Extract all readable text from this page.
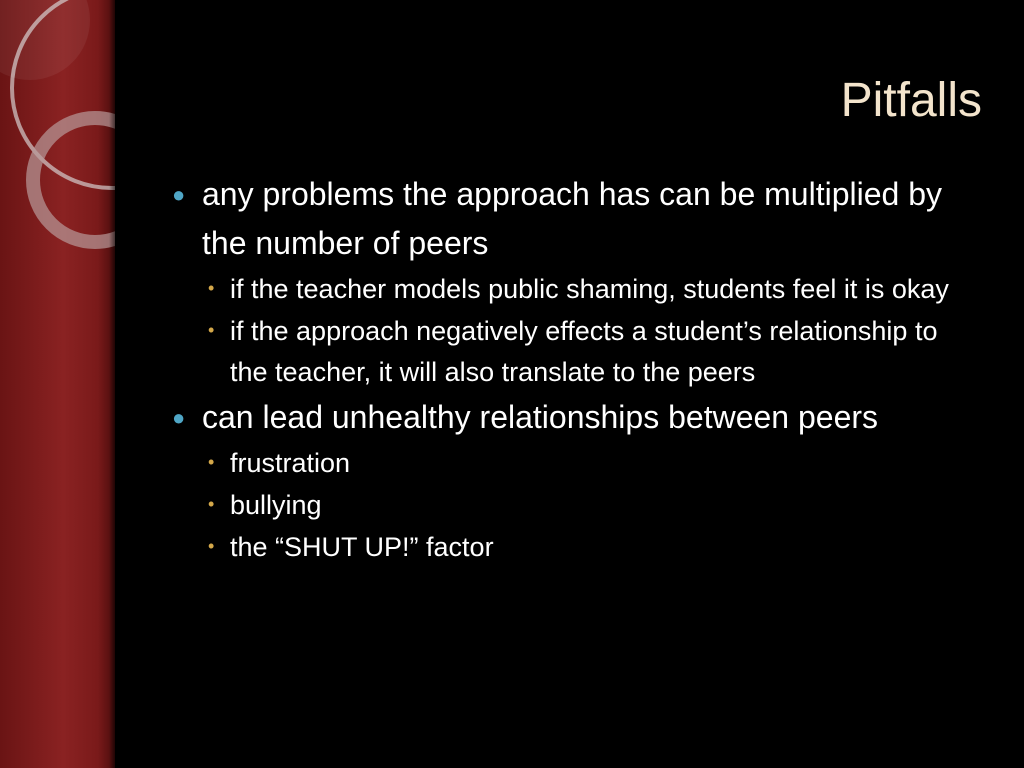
Pitfalls

● any problems the approach has can be multiplied by the number of peers

• if the teacher models public shaming, students feel it is okay

• if the approach negatively effects a student’s relationship to the teacher, it will also translate to the peers

● can lead unhealthy relationships between peers

• frustration

• bullying

• the “SHUT UP!” factor
